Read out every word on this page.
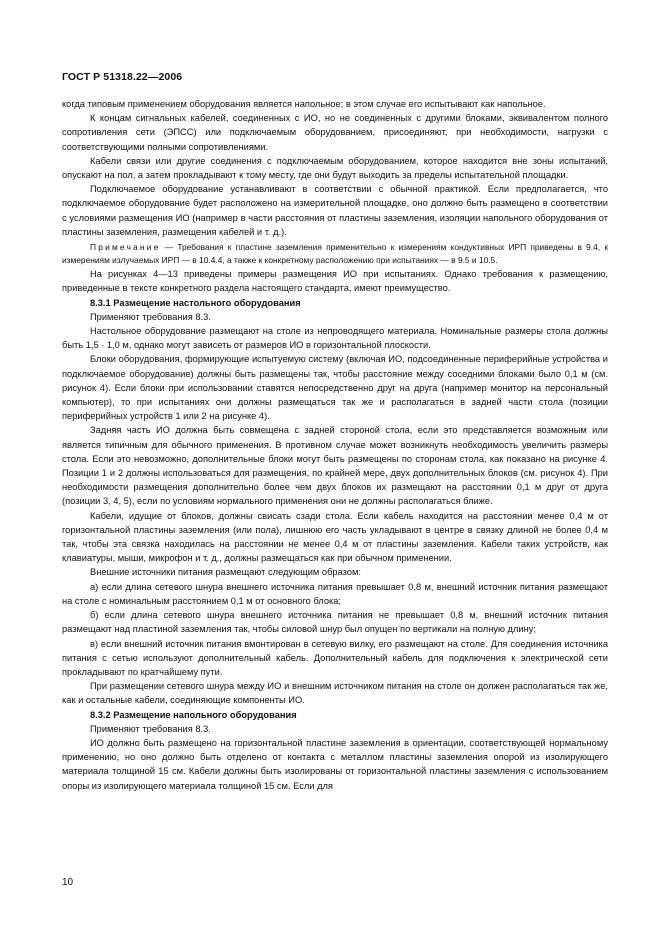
ГОСТ Р 51318.22—2006

когда типовым применением оборудования является напольное; в этом случае его испытывают как напольное.

К концам сигнальных кабелей, соединенных с ИО, но не соединенных с другими блоками, эквивалентом полного сопротивления сети (ЭПСС) или подключаемым оборудованием, присоединяют, при необходимости, нагрузки с соответствующими полными сопротивлениями.

Кабели связи или другие соединения с подключаемым оборудованием, которое находится вне зоны испытаний, опускают на пол, а затем прокладывают к тому месту, где они будут выходить за пределы испытательной площадки.

Подключаемое оборудование устанавливают в соответствии с обычной практикой. Если предполагается, что подключаемое оборудование будет расположено на измерительной площадке, оно должно быть размещено в соответствии с условиями размещения ИО (например в части расстояния от пластины заземления, изоляции напольного оборудования от пластины заземления, размещения кабелей и т. д.).

Примечание — Требования к пластине заземления применительно к измерениям кондуктивных ИРП приведены в 9.4, к измерениям излучаемых ИРП — в 10.4.4, а также к конкретному расположению при испытаниях — в 9.5 и 10.5.

На рисунках 4—13 приведены примеры размещения ИО при испытаниях. Однако требования к размещению, приведенные в тексте конкретного раздела настоящего стандарта, имеют преимущество.

8.3.1 Размещение настольного оборудования

Применяют требования 8.3.

Настольное оборудование размещают на столе из непроводящего материала. Номинальные размеры стола должны быть 1,5 · 1,0 м, однако могут зависеть от размеров ИО в горизонтальной плоскости.

Блоки оборудования, формирующие испытуемую систему (включая ИО, подсоединенные периферийные устройства и подключаемое оборудование) должны быть размещены так, чтобы расстояние между соседними блоками было 0,1 м (см. рисунок 4). Если блоки при использовании ставятся непосредственно друг на друга (например монитор на персональный компьютер), то при испытаниях они должны размещаться так же и располагаться в задней части стола (позиции периферийных устройств 1 или 2 на рисунке 4).

Задняя часть ИО должна быть совмещена с задней стороной стола, если это представляется возможным или является типичным для обычного применения. В противном случае может возникнуть необходимость увеличить размеры стола. Если это невозможно, дополнительные блоки могут быть размещены по сторонам стола, как показано на рисунке 4. Позиции 1 и 2 должны использоваться для размещения, по крайней мере, двух дополнительных блоков (см. рисунок 4). При необходимости размещения дополнительно более чем двух блоков их размещают на расстоянии 0,1 м друг от друга (позиции 3, 4, 5), если по условиям нормального применения они не должны располагаться ближе.

Кабели, идущие от блоков, должны свисать сзади стола. Если кабель находится на расстоянии менее 0,4 м от горизонтальной пластины заземления (или пола), лишнюю его часть укладывают в центре в связку длиной не более 0,4 м так, чтобы эта связка находилась на расстоянии не менее 0,4 м от пластины заземления. Кабели таких устройств, как клавиатуры, мыши, микрофон и т. д., должны размещаться как при обычном применении.

Внешние источники питания размещают следующим образом:

а) если длина сетевого шнура внешнего источника питания превышает 0,8 м, внешний источник питания размещают на столе с номинальным расстоянием 0,1 м от основного блока;

б) если длина сетевого шнура внешнего источника питания не превышает 0,8 м, внешний источник питания размещают над пластиной заземления так, чтобы силовой шнур был опущен по вертикали на полную длину;

в) если внешний источник питания вмонтирован в сетевую вилку, его размещают на столе. Для соединения источника питания с сетью используют дополнительный кабель. Дополнительный кабель для подключения к электрической сети прокладывают по кратчайшему пути.

При размещении сетевого шнура между ИО и внешним источником питания на столе он должен располагаться так же, как и остальные кабели, соединяющие компоненты ИО.

8.3.2 Размещение напольного оборудования

Применяют требования 8.3.

ИО должно быть размещено на горизонтальной пластине заземления в ориентации, соответствующей нормальному применению, но оно должно быть отделено от контакта с металлом пластины заземления опорой из изолирующего материала толщиной 15 см. Кабели должны быть изолированы от горизонтальной пластины заземления с использованием опоры из изолирующего материала толщиной 15 см. Если для

10
